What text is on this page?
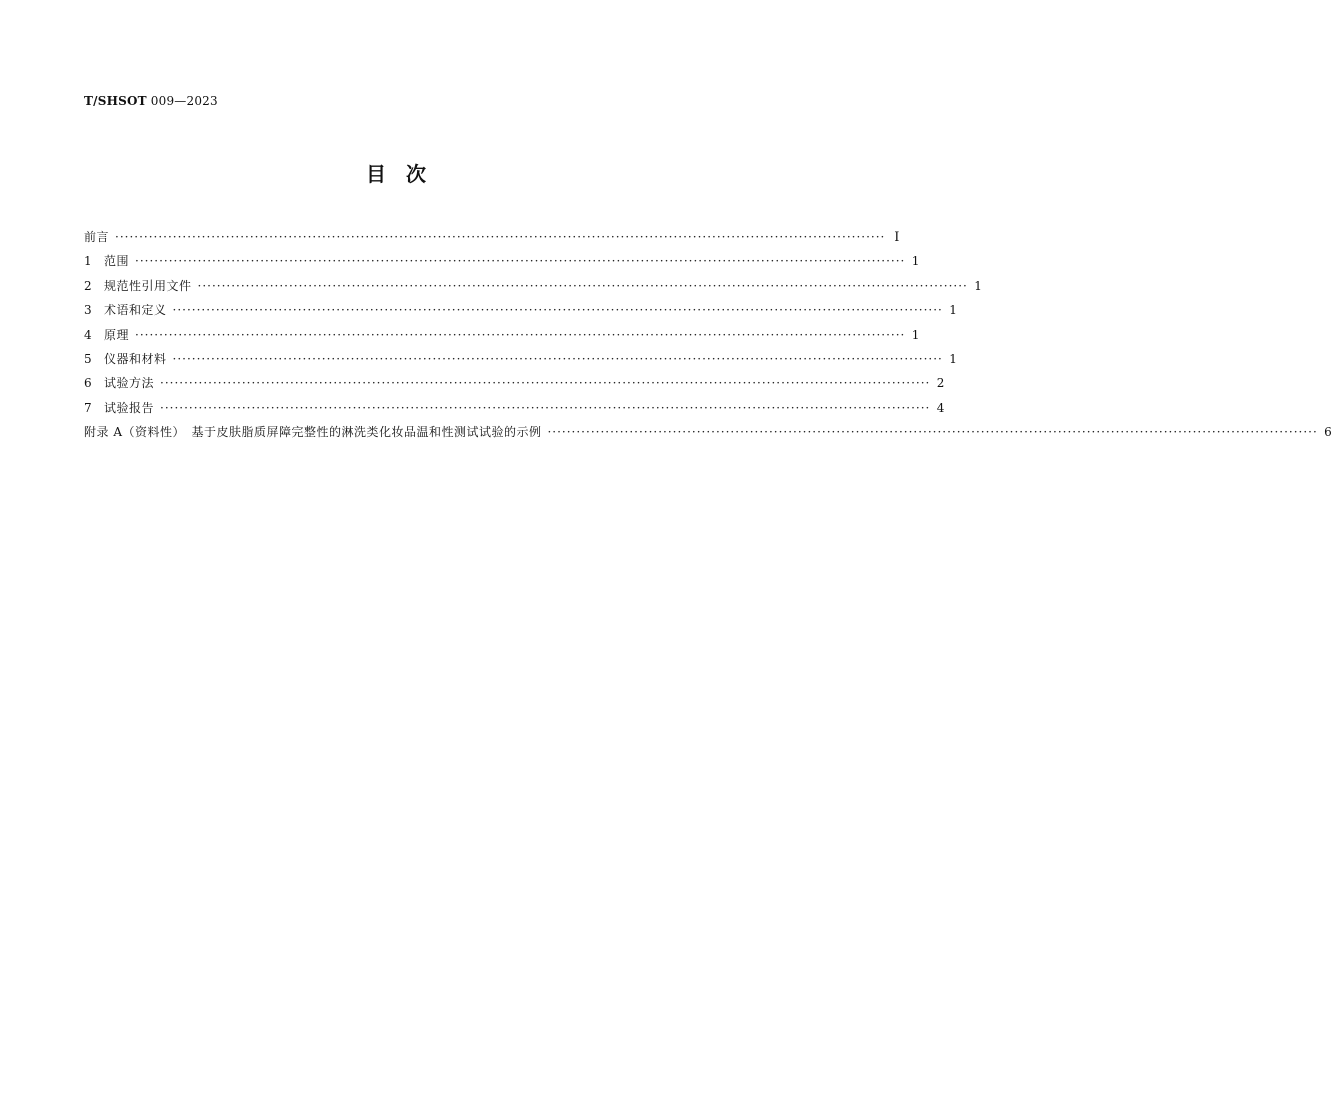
T/SHSOT 009—2023
目　次
前言 ································································································································································ Ⅰ
1	范围 ································································································································································ 1
2	规范性引用文件 ································································································································································ 1
3	术语和定义 ································································································································································ 1
4	原理 ································································································································································ 1
5	仪器和材料 ································································································································································ 1
6	试验方法 ································································································································································ 2
7	试验报告 ································································································································································ 4
附录 A（资料性）　基于皮肤脂质屏障完整性的淋洗类化妆品温和性测试试验的示例 ································································································································································ 6
